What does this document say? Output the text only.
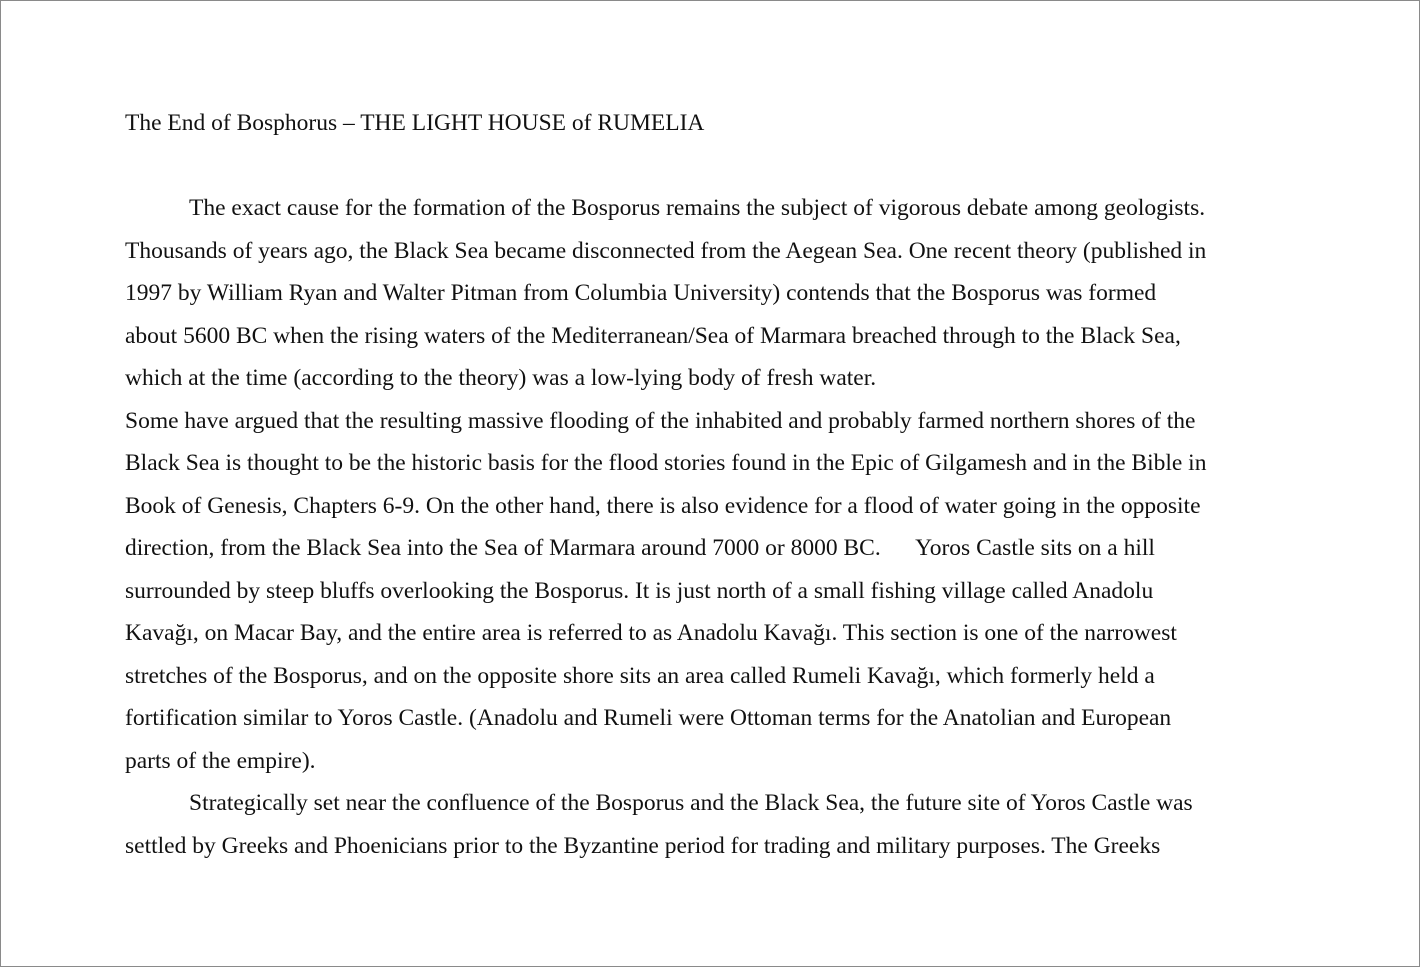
The End of Bosphorus – THE LIGHT HOUSE of RUMELIA
The exact cause for the formation of the Bosporus remains the subject of vigorous debate among geologists.
Thousands of years ago, the Black Sea became disconnected from the Aegean Sea. One recent theory (published in
1997 by William Ryan and Walter Pitman from Columbia University) contends that the Bosporus was formed
about 5600 BC when the rising waters of the Mediterranean/Sea of Marmara breached through to the Black Sea,
which at the time (according to the theory) was a low-lying body of fresh water.
Some have argued that the resulting massive flooding of the inhabited and probably farmed northern shores of the
Black Sea is thought to be the historic basis for the flood stories found in the Epic of Gilgamesh and in the Bible in
Book of Genesis, Chapters 6-9. On the other hand, there is also evidence for a flood of water going in the opposite
direction, from the Black Sea into the Sea of Marmara around 7000 or 8000 BC.      Yoros Castle sits on a hill
surrounded by steep bluffs overlooking the Bosporus. It is just north of a small fishing village called Anadolu
Kavağı, on Macar Bay, and the entire area is referred to as Anadolu Kavağı. This section is one of the narrowest
stretches of the Bosporus, and on the opposite shore sits an area called Rumeli Kavağı, which formerly held a
fortification similar to Yoros Castle. (Anadolu and Rumeli were Ottoman terms for the Anatolian and European
parts of the empire).
Strategically set near the confluence of the Bosporus and the Black Sea, the future site of Yoros Castle was
settled by Greeks and Phoenicians prior to the Byzantine period for trading and military purposes. The Greeks
